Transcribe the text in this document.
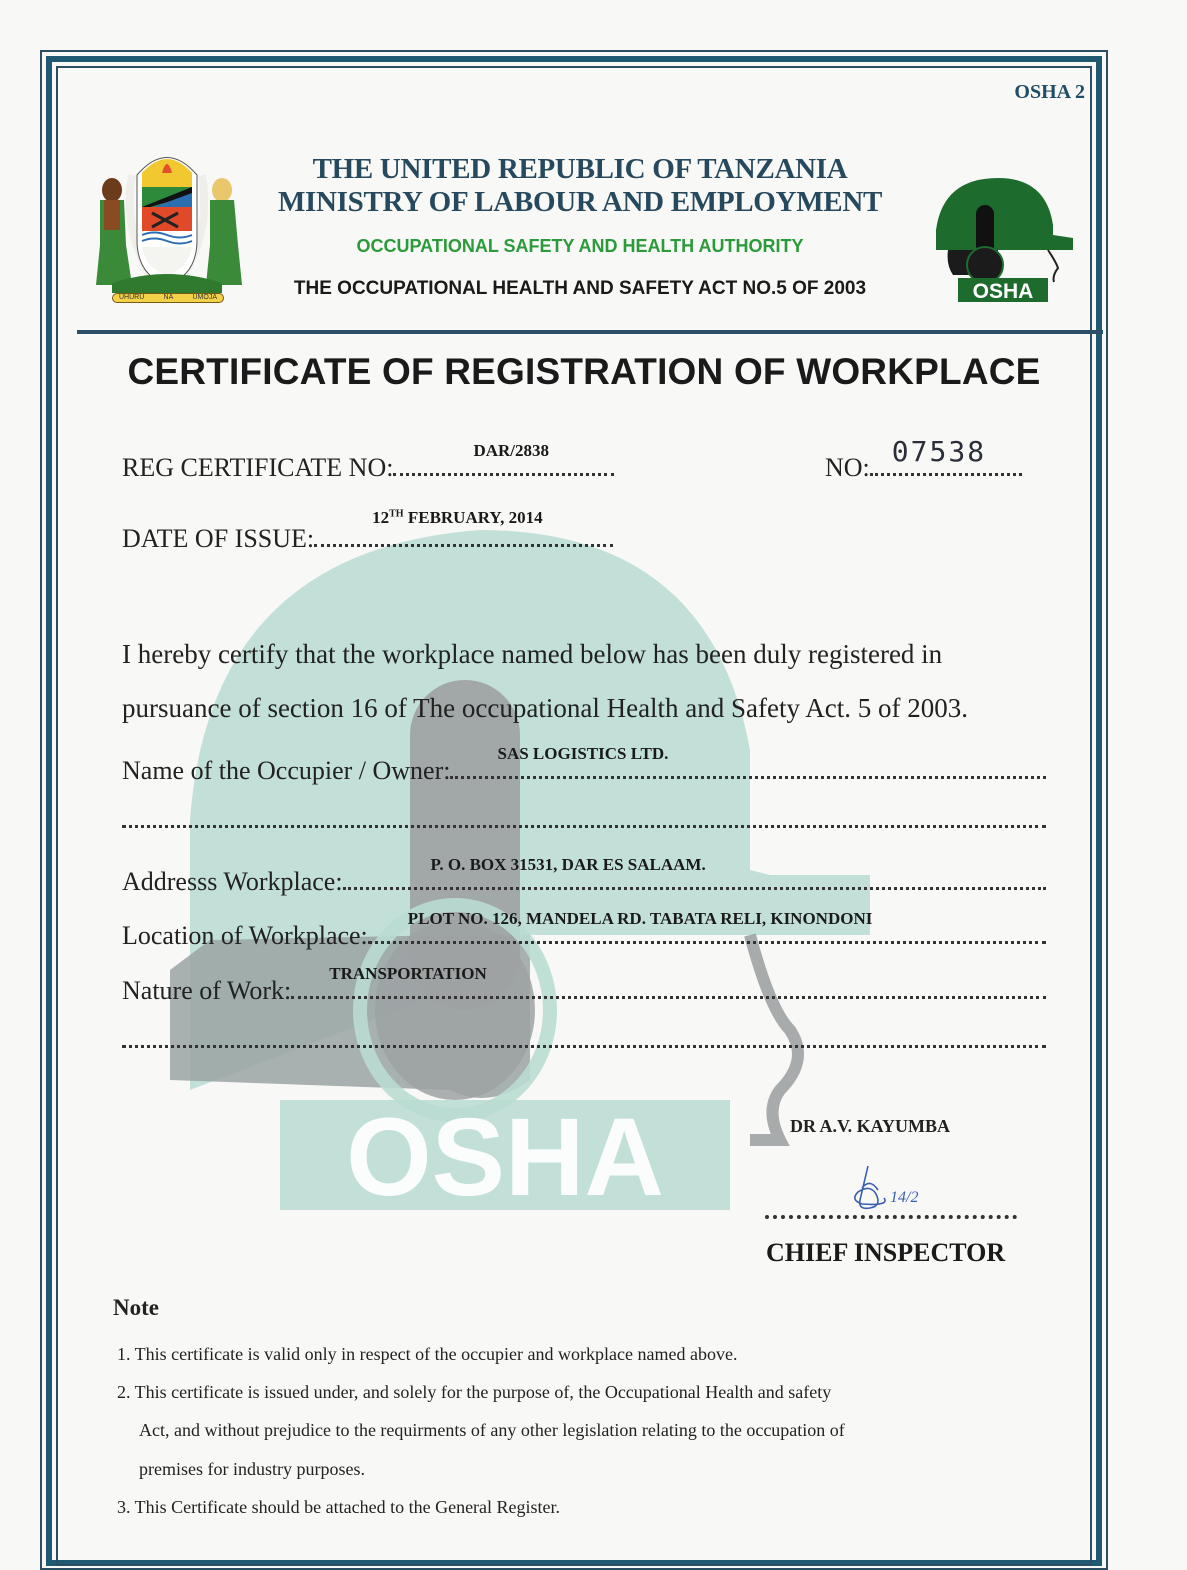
OSHA
OSHA 2
UHURU	NA	UMOJA
THE UNITED REPUBLIC OF TANZANIA
MINISTRY OF LABOUR AND EMPLOYMENT
OCCUPATIONAL SAFETY AND HEALTH AUTHORITY
THE OCCUPATIONAL HEALTH AND SAFETY ACT NO.5 OF 2003	OSHA
CERTIFICATE OF REGISTRATION OF WORKPLACE
REG CERTIFICATE NO:
DAR/2838
NO: 07538
DATE OF ISSUE:
12TH FEBRUARY, 2014
I hereby certify that the workplace named below has been duly registered in
pursuance of section 16 of The occupational Health and Safety Act. 5 of 2003.
Name of the Occupier / Owner:
SAS LOGISTICS LTD.
Addresss Workplace:
P. O. BOX 31531, DAR ES SALAAM.
Location of Workplace:
PLOT NO. 126, MANDELA RD. TABATA RELI, KINONDONI
Nature of Work:
TRANSPORTATION
DR A.V. KAYUMBA
14/2
CHIEF INSPECTOR
Note
1. This certificate is valid only in respect of the occupier and workplace named above.
2. This certificate is issued under, and solely for the purpose of, the Occupational Health and safety
Act, and without prejudice to the requirments of any other legislation relating to the occupation of
premises for industry purposes.
3. This Certificate should be attached to the General Register.
